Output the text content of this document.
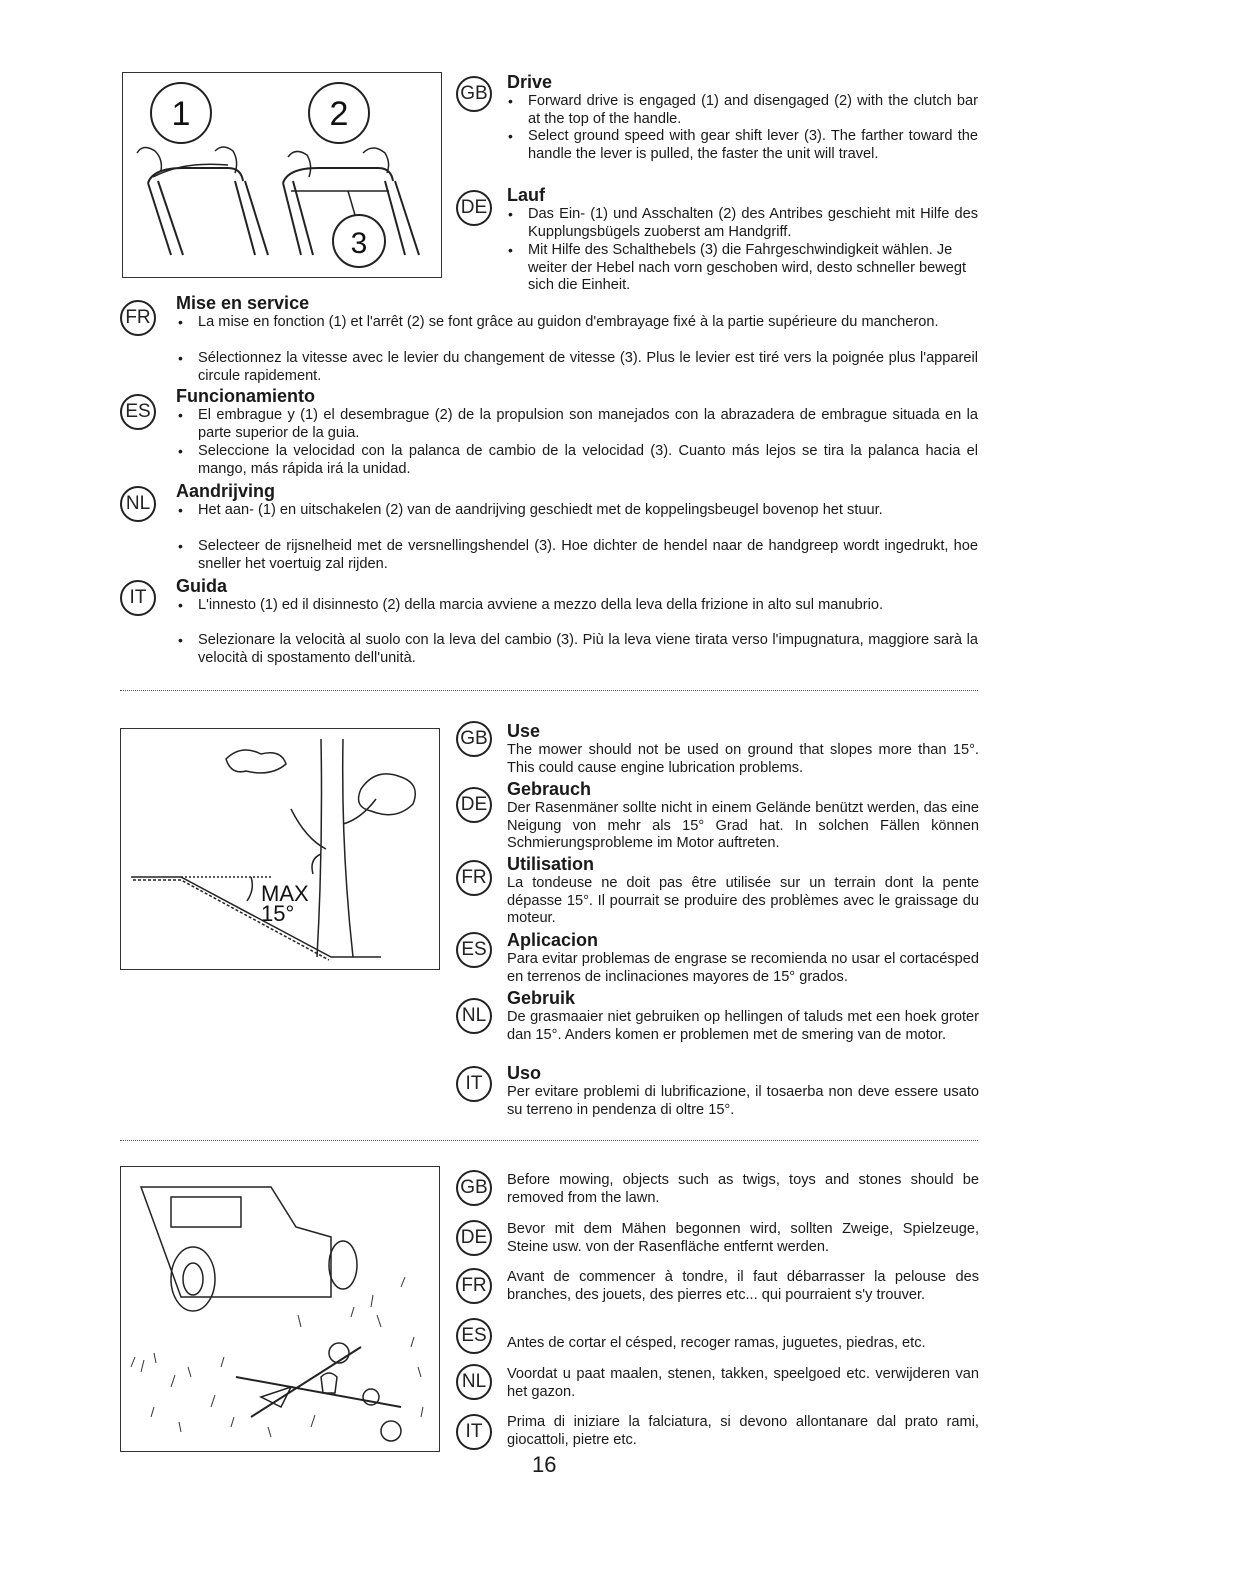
1	2
3
GB
Drive
• Forward drive is engaged (1) and disengaged (2) with the clutch bar at the top of the handle.
• Select ground speed with gear shift lever (3). The farther toward the handle the lever is pulled, the faster the unit will travel.
DE
Lauf
• Das Ein- (1) und Asschalten (2) des Antribes geschieht mit Hilfe des Kupplungsbügels zuoberst am Handgriff.
• Mit Hilfe des Schalthebels (3) die Fahrgeschwindigkeit wählen. Je weiter der Hebel nach vorn geschoben wird, desto schneller bewegt sich die Einheit.
FR
Mise en service
• La mise en fonction (1) et l'arrêt (2) se font grâce au guidon d'embrayage fixé à la partie supérieure du mancheron.
• Sélectionnez la vitesse avec le levier du changement de vitesse (3). Plus le levier est tiré vers la poignée plus l'appareil circule rapidement.
ES
Funcionamiento
• El embrague y (1) el desembrague (2) de la propulsion son manejados con la abrazadera de embrague situada en la parte superior de la guia.
• Seleccione la velocidad con la palanca de cambio de la velocidad (3). Cuanto más lejos se tira la palanca hacia el mango, más rápida irá la unidad.
NL
Aandrijving
• Het aan- (1) en uitschakelen (2) van de aandrijving geschiedt met de koppelingsbeugel bovenop het stuur.
• Selecteer de rijsnelheid met de versnellingshendel (3). Hoe dichter de hendel naar de handgreep wordt ingedrukt, hoe sneller het voertuig zal rijden.
IT
Guida
• L'innesto (1) ed il disinnesto (2) della marcia avviene a mezzo della leva della frizione in alto sul manubrio.
• Selezionare la velocità al suolo con la leva del cambio (3). Più la leva viene tirata verso l'impugnatura, maggiore sarà la velocità di spostamento dell'unità.
MAX
15°
GB Use
The mower should not be used on ground that slopes more than 15°. This could cause engine lubrication problems.
DE
Gebrauch
Der Rasenmäner sollte nicht in einem Gelände benützt werden, das eine Neigung von mehr als 15° Grad hat. In solchen Fällen können Schmierungsprobleme im Motor auftreten.
FR
Utilisation
La tondeuse ne doit pas être utilisée sur un terrain dont la pente dépasse 15°. Il pourrait se produire des problèmes avec le graissage du moteur.
ES Aplicacion
Para evitar problemas de engrase se recomienda no usar el cortacésped en terrenos de inclinaciones mayores de 15° grados.
NL
Gebruik
De grasmaaier niet gebruiken op hellingen of taluds met een hoek groter dan 15°. Anders komen er problemen met de smering van de motor.
IT	Uso
Per evitare problemi di lubrificazione, il tosaerba non deve essere usato su terreno in pendenza di oltre 15°.
GB Before mowing, objects such as twigs, toys and stones should be removed from the lawn.
DE	Bevor mit dem Mähen begonnen wird, sollten Zweige, Spielzeuge, Steine usw. von der Rasenfläche entfernt werden.
FR	Avant de commencer à tondre, il faut débarrasser la pelouse des branches, des jouets, des pierres etc... qui pourraient s'y trouver.
ES	Antes de cortar el césped, recoger ramas, juguetes, piedras, etc.
NL	Voordat u paat maalen, stenen, takken, speelgoed etc. verwijderen van het gazon.
IT	Prima di iniziare la falciatura, si devono allontanare dal prato rami, giocattoli, pietre etc.
16
